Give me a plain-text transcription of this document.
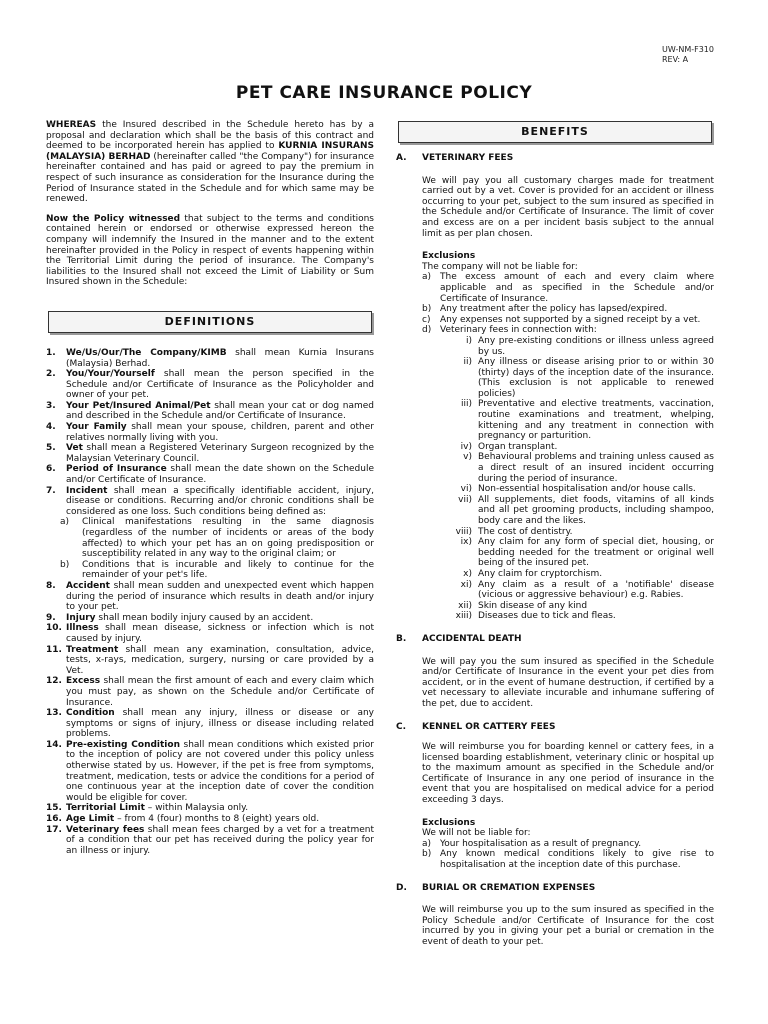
UW-NM-F310
REV: A
PET CARE INSURANCE POLICY

WHEREAS the Insured described in the Schedule hereto has by a proposal and declaration which shall be the basis of this contract and deemed to be incorporated herein has applied to KURNIA INSURANS (MALAYSIA) BERHAD (hereinafter called "the Company") for insurance hereinafter contained and has paid or agreed to pay the premium in respect of such insurance as consideration for the Insurance during the Period of Insurance stated in the Schedule and for which same may be renewed.

Now the Policy witnessed that subject to the terms and conditions contained herein or endorsed or otherwise expressed hereon the company will indemnify the Insured in the manner and to the extent hereinafter provided in the Policy in respect of events happening within the Territorial Limit during the period of insurance. The Company's liabilities to the Insured shall not exceed the Limit of Liability or Sum Insured shown in the Schedule:

DEFINITIONS
1.	We/Us/Our/The Company/KIMB shall mean Kurnia Insurans (Malaysia) Berhad.
2.	You/Your/Yourself shall mean the person specified in the Schedule and/or Certificate of Insurance as the Policyholder and owner of your pet.
3.	Your Pet/Insured Animal/Pet shall mean your cat or dog named and described in the Schedule and/or Certificate of Insurance.
4.	Your Family shall mean your spouse, children, parent and other relatives normally living with you.
5.	Vet shall mean a Registered Veterinary Surgeon recognized by the Malaysian Veterinary Council.
6.	Period of Insurance shall mean the date shown on the Schedule and/or Certificate of Insurance.
7.	Incident shall mean a specifically identifiable accident, injury, disease or conditions. Recurring and/or chronic conditions shall be considered as one loss. Such conditions being defined as:
a)	Clinical manifestations resulting in the same diagnosis (regardless of the number of incidents or areas of the body affected) to which your pet has an on going predisposition or susceptibility related in any way to the original claim; or
b)	Conditions that is incurable and likely to continue for the remainder of your pet's life.
8.	Accident shall mean sudden and unexpected event which happen during the period of insurance which results in death and/or injury to your pet.
9.	Injury shall mean bodily injury caused by an accident.
10. Illness shall mean disease, sickness or infection which is not caused by injury.
11. Treatment shall mean any examination, consultation, advice, tests, x-rays, medication, surgery, nursing or care provided by a Vet.
12. Excess shall mean the first amount of each and every claim which you must pay, as shown on the Schedule and/or Certificate of Insurance.
13. Condition shall mean any injury, illness or disease or any symptoms or signs of injury, illness or disease including related problems.
14. Pre-existing Condition shall mean conditions which existed prior to the inception of policy are not covered under this policy unless otherwise stated by us. However, if the pet is free from symptoms, treatment, medication, tests or advice the conditions for a period of one continuous year at the inception date of cover the condition would be eligible for cover.
15. Territorial Limit – within Malaysia only.
16. Age Limit – from 4 (four) months to 8 (eight) years old.
17. Veterinary fees shall mean fees charged by a vet for a treatment of a condition that our pet has received during the policy year for an illness or injury.
BENEFITS
A.	VETERINARY FEES

We will pay you all customary charges made for treatment carried out by a vet. Cover is provided for an accident or illness occurring to your pet, subject to the sum insured as specified in the Schedule and/or Certificate of Insurance. The limit of cover and excess are on a per incident basis subject to the annual limit as per plan chosen.

Exclusions

The company will not be liable for:

a) The excess amount of each and every claim where applicable and as specified in the Schedule and/or Certificate of Insurance.
b) Any treatment after the policy has lapsed/expired.
c)	Any expenses not supported by a signed receipt by a vet.
d) Veterinary fees in connection with:
i) Any pre-existing conditions or illness unless agreed by us.
ii) Any illness or disease arising prior to or within 30 (thirty) days of the inception date of the insurance. (This exclusion is not applicable to renewed policies)
iii) Preventative and elective treatments, vaccination, routine examinations and treatment, whelping, kittening and any treatment in connection with pregnancy or parturition.
iv) Organ transplant.
v) Behavioural problems and training unless caused as a direct result of an insured incident occurring during the period of insurance.
vi) Non-essential hospitalisation and/or house calls.
vii) All supplements, diet foods, vitamins of all kinds and all pet grooming products, including shampoo, body care and the likes.
viii) The cost of dentistry.
ix) Any claim for any form of special diet, housing, or bedding needed for the treatment or original well being of the insured pet.
x) Any claim for cryptorchism.
xi) Any claim as a result of a 'notifiable' disease (vicious or aggressive behaviour) e.g. Rabies.
xii) Skin disease of any kind
xiii) Diseases due to tick and fleas.
B.	ACCIDENTAL DEATH

We will pay you the sum insured as specified in the Schedule and/or Certificate of Insurance in the event your pet dies from accident, or in the event of humane destruction, if certified by a vet necessary to alleviate incurable and inhumane suffering of the pet, due to accident.

C.	KENNEL OR CATTERY FEES

We will reimburse you for boarding kennel or cattery fees, in a licensed boarding establishment, veterinary clinic or hospital up to the maximum amount as specified in the Schedule and/or Certificate of Insurance in any one period of insurance in the event that you are hospitalised on medical advice for a period exceeding 3 days.

Exclusions

We will not be liable for:

a) Your hospitalisation as a result of pregnancy.
b) Any known medical conditions likely to give rise to hospitalisation at the inception date of this purchase.
D.	BURIAL OR CREMATION EXPENSES

We will reimburse you up to the sum insured as specified in the Policy Schedule and/or Certificate of Insurance for the cost incurred by you in giving your pet a burial or cremation in the event of death to your pet.
